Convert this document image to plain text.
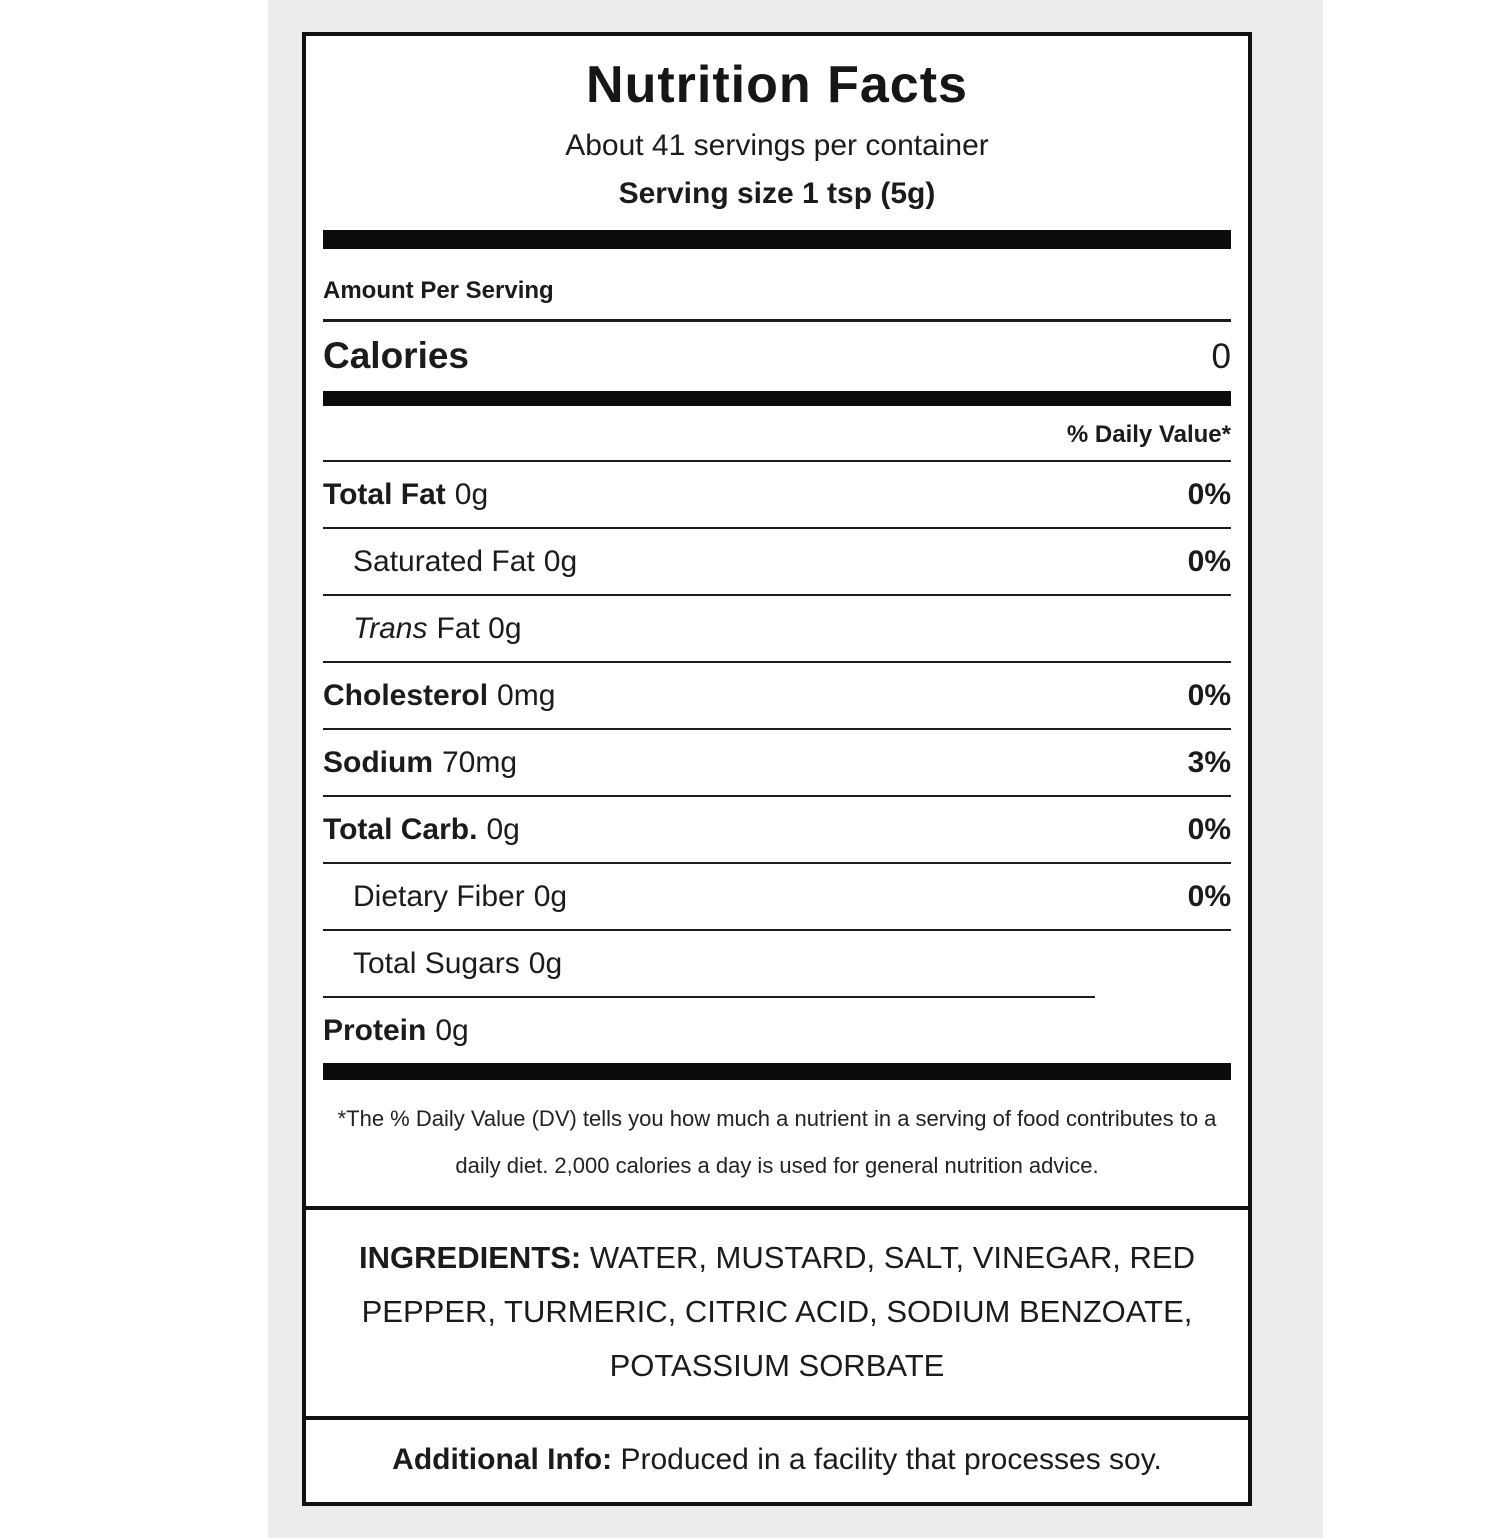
Nutrition Facts
About 41 servings per container
Serving size 1 tsp (5g)
Amount Per Serving
Calories	0
% Daily Value*
Total Fat 0g	0%
Saturated Fat 0g	0%
Trans Fat 0g
Cholesterol 0mg	0%
Sodium 70mg	3%
Total Carb. 0g	0%
Dietary Fiber 0g	0%
Total Sugars 0g
Protein 0g
*The % Daily Value (DV) tells you how much a nutrient in a serving of food contributes to a daily diet. 2,000 calories a day is used for general nutrition advice.
INGREDIENTS: WATER, MUSTARD, SALT, VINEGAR, RED PEPPER, TURMERIC, CITRIC ACID, SODIUM BENZOATE, POTASSIUM SORBATE
Additional Info: Produced in a facility that processes soy.
